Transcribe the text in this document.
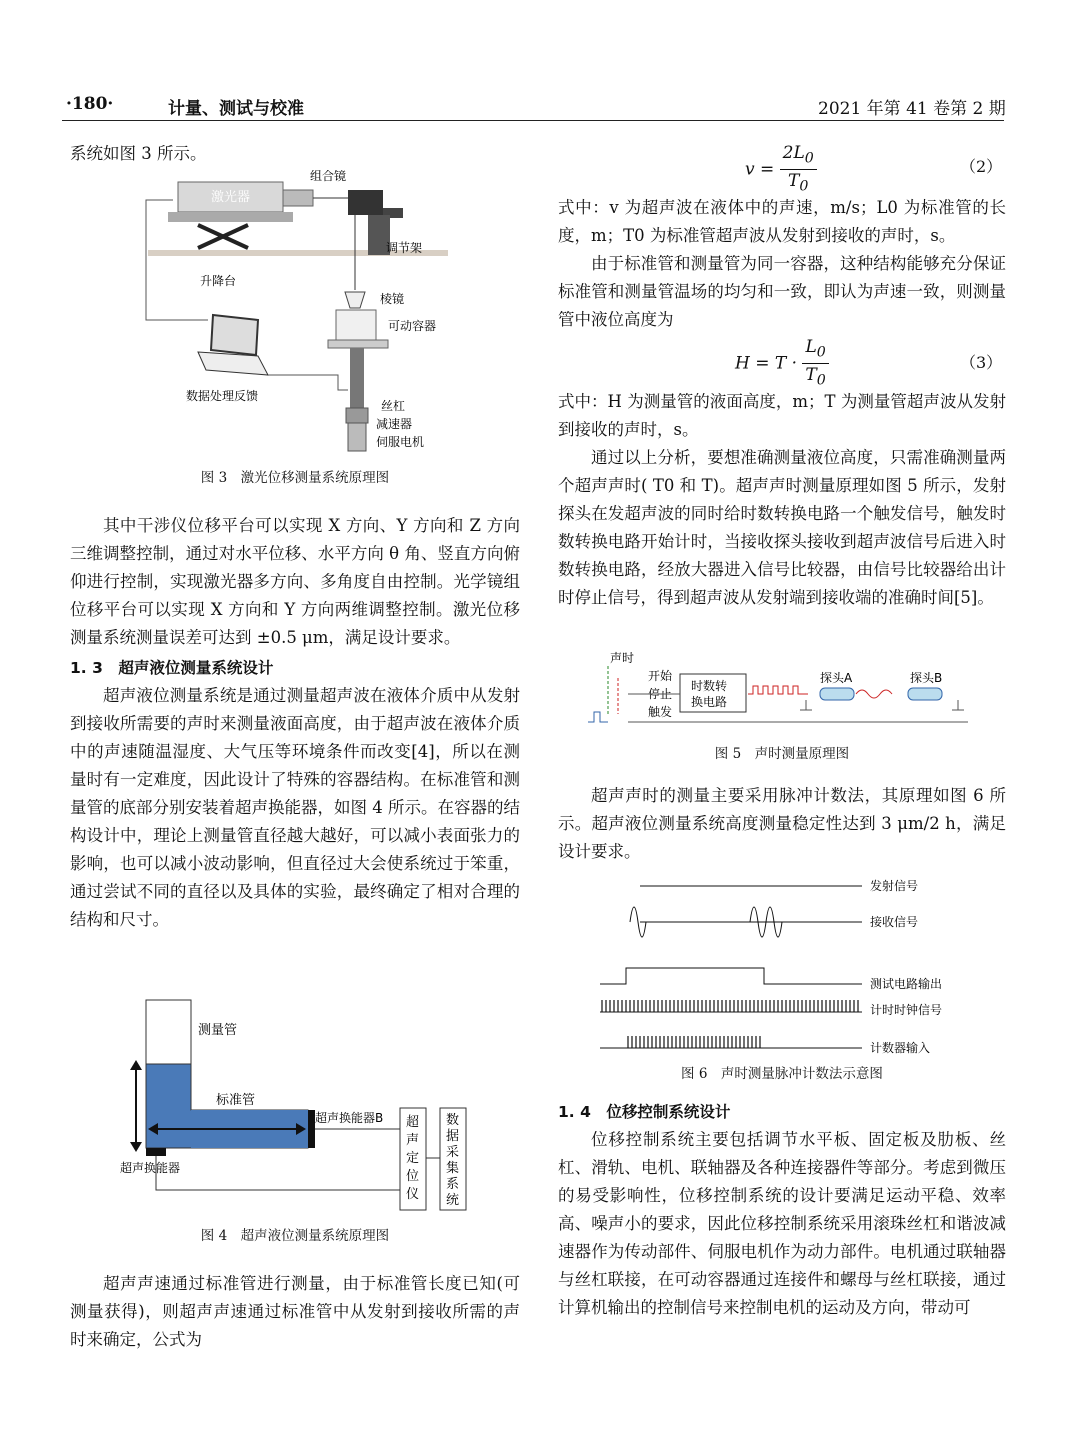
·180·	计量、测试与校准	2021 年第 41 卷第 2 期

系统如图 3 所示。

组合镜
激光器
调节架
升降台
棱镜
可动容器
丝杠
减速器
伺服电机
数据处理反馈
图 3　激光位移测量系统原理图

其中干涉仪位移平台可以实现 X 方向、Y 方向和 Z 方向三维调整控制，通过对水平位移、水平方向 θ 角、竖直方向俯仰进行控制，实现激光器多方向、多角度自由控制。光学镜组位移平台可以实现 X 方向和 Y 方向两维调整控制。激光位移测量系统测量误差可达到 ±0.5 μm，满足设计要求。

1. 3　超声液位测量系统设计

超声液位测量系统是通过测量超声波在液体介质中从发射到接收所需要的声时来测量液面高度，由于超声波在液体介质中的声速随温湿度、大气压等环境条件而改变[4]，所以在测量时有一定难度，因此设计了特殊的容器结构。在标准管和测量管的底部分别安装着超声换能器，如图 4 所示。在容器的结构设计中，理论上测量管直径越大越好，可以减小表面张力的影响，也可以减小波动影响，但直径过大会使系统过于笨重，通过尝试不同的直径以及具体的实验，最终确定了相对合理的结构和尺寸。

测量管
标准管
超声换能器B
超声换能器
超声定位仪
数据采集系统
图 4　超声液位测量系统原理图

超声声速通过标准管进行测量，由于标准管长度已知(可测量获得)，则超声声速通过标准管中从发射到接收所需的声时来确定，公式为

$v = \frac{2L_0}{T_0}$	（2）

式中：v 为超声波在液体中的声速，m/s；L0 为标准管的长度，m；T0 为标准管超声波从发射到接收的声时，s。

由于标准管和测量管为同一容器，这种结构能够充分保证标准管和测量管温场的均匀和一致，即认为声速一致，则测量管中液位高度为

$H = T \cdot \frac{L_0}{T_0}$	（3）

式中：H 为测量管的液面高度，m；T 为测量管超声波从发射到接收的声时，s。

通过以上分析，要想准确测量液位高度，只需准确测量两个超声声时( T0 和 T)。超声声时测量原理如图 5 所示，发射探头在发超声波的同时给时数转换电路一个触发信号，触发时数转换电路开始计时，当接收探头接收到超声波信号后进入时数转换电路，经放大器进入信号比较器，由信号比较器给出计时停止信号，得到超声波从发射端到接收端的准确时间[5]。

声时
开始
停止
触发
时数转
换电路
探头A	探头B
图 5　声时测量原理图

超声声时的测量主要采用脉冲计数法，其原理如图 6 所示。超声液位测量系统高度测量稳定性达到 3 μm/2 h，满足设计要求。

发射信号
接收信号
测试电路输出
计时时钟信号
计数器输入
图 6　声时测量脉冲计数法示意图

1. 4　位移控制系统设计

位移控制系统主要包括调节水平板、固定板及肋板、丝杠、滑轨、电机、联轴器及各种连接器件等部分。考虑到微压的易受影响性，位移控制系统的设计要满足运动平稳、效率高、噪声小的要求，因此位移控制系统采用滚珠丝杠和谐波减速器作为传动部件、伺服电机作为动力部件。电机通过联轴器与丝杠联接，在可动容器通过连接件和螺母与丝杠联接，通过计算机输出的控制信号来控制电机的运动及方向，带动可
